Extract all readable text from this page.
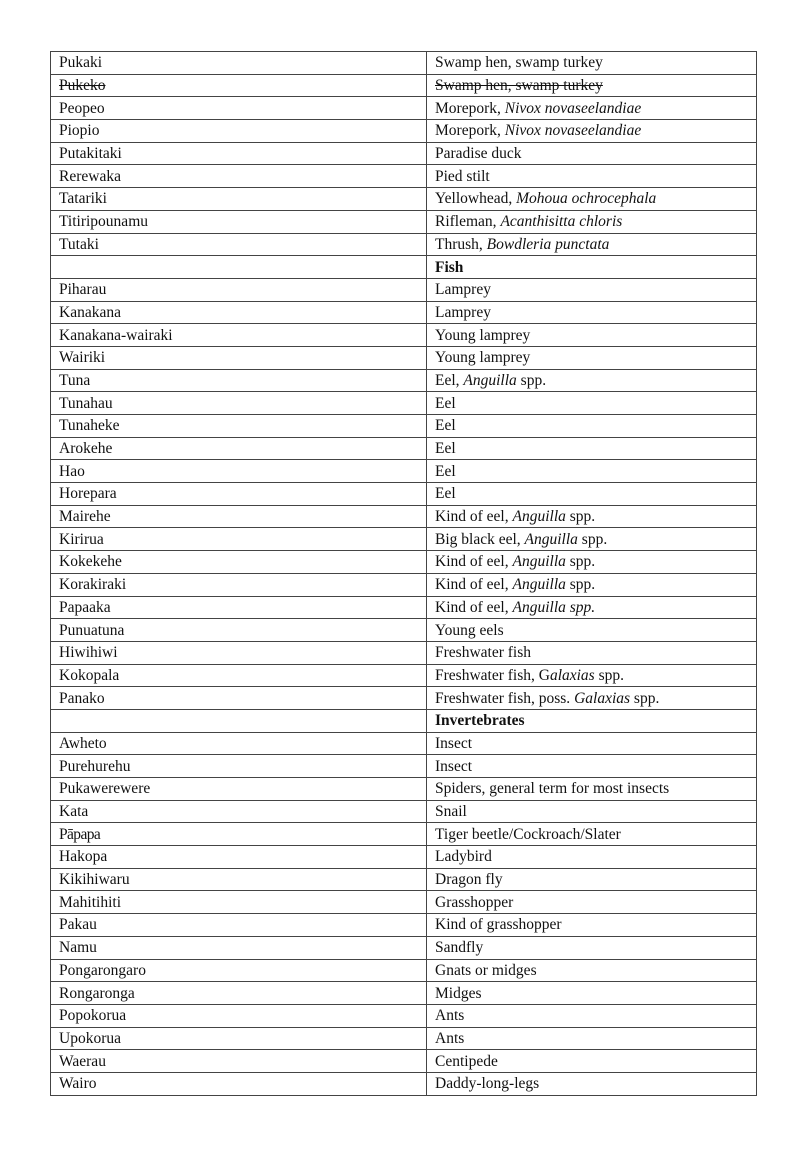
Pukaki	Swamp hen, swamp turkey
Pukeko	Swamp hen, swamp turkey
Peopeo	Morepork, Nivox novaseelandiae
Piopio	Morepork, Nivox novaseelandiae
Putakitaki	Paradise duck
Rerewaka	Pied stilt
Tatariki	Yellowhead, Mohoua ochrocephala
Titiripounamu	Rifleman, Acanthisitta chloris
Tutaki	Thrush, Bowdleria punctata
	Fish
Piharau	Lamprey
Kanakana	Lamprey
Kanakana-wairaki	Young lamprey
Wairiki	Young lamprey
Tuna	Eel, Anguilla spp.
Tunahau	Eel
Tunaheke	Eel
Arokehe	Eel
Hao	Eel
Horepara	Eel
Mairehe	Kind of eel, Anguilla spp.
Kirirua	Big black eel, Anguilla spp.
Kokekehe	Kind of eel, Anguilla spp.
Korakiraki	Kind of eel, Anguilla spp.
Papaaka	Kind of eel, Anguilla spp.
Punuatuna	Young eels
Hiwihiwi	Freshwater fish
Kokopala	Freshwater fish, Galaxias spp.
Panako	Freshwater fish, poss. Galaxias spp.
	Invertebrates
Awheto	Insect
Purehurehu	Insect
Pukawerewere	Spiders, general term for most insects
Kata	Snail
Pāpapa	Tiger beetle/Cockroach/Slater
Hakopa	Ladybird
Kikihiwaru	Dragon fly
Mahitihiti	Grasshopper
Pakau	Kind of grasshopper
Namu	Sandfly
Pongarongaro	Gnats or midges
Rongaronga	Midges
Popokorua	Ants
Upokorua	Ants
Waerau	Centipede
Wairo	Daddy-long-legs
